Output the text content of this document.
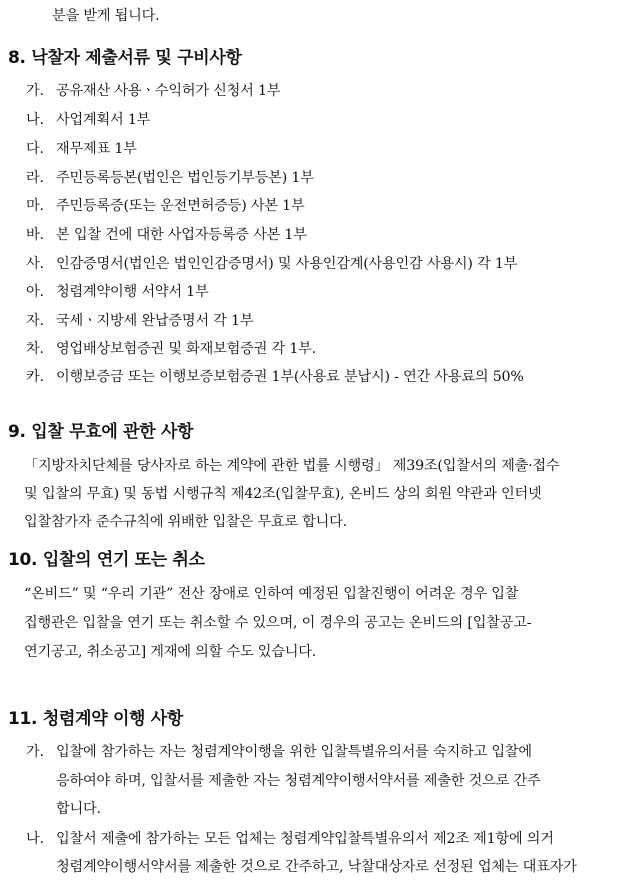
분을 받게 됩니다.
8. 낙찰자 제출서류 및 구비사항
가. 공유재산 사용ㆍ수익허가 신청서 1부
나. 사업계획서 1부
다. 재무제표 1부
라. 주민등록등본(법인은 법인등기부등본) 1부
마. 주민등록증(또는 운전면허증등) 사본 1부
바. 본 입찰 건에 대한 사업자등록증 사본 1부
사. 인감증명서(법인은 법인인감증명서) 및 사용인감계(사용인감 사용시) 각 1부
아. 청렴계약이행 서약서 1부
자. 국세ㆍ지방세 완납증명서 각 1부
차. 영업배상보험증권 및 화재보험증권 각 1부.
카. 이행보증금 또는 이행보증보험증권 1부(사용료 분납시) - 연간 사용료의 50%
9. 입찰 무효에 관한 사항
「지방자치단체를 당사자로 하는 계약에 관한 법률 시행령」 제39조(입찰서의 제출·접수
및 입찰의 무효) 및 동법 시행규칙 제42조(입찰무효), 온비드 상의 회원 약관과 인터넷
입찰참가자 준수규칙에 위배한 입찰은 무효로 합니다.
10. 입찰의 연기 또는 취소
“온비드” 및 “우리 기관” 전산 장애로 인하여 예정된 입찰진행이 어려운 경우 입찰
집행관은 입찰을 연기 또는 취소할 수 있으며, 이 경우의 공고는 온비드의 [입찰공고-
연기공고, 취소공고] 게재에 의할 수도 있습니다.
11. 청렴계약 이행 사항
가. 입찰에 참가하는 자는 청렴계약이행을 위한 입찰특별유의서를 숙지하고 입찰에
응하여야 하며, 입찰서를 제출한 자는 청렴계약이행서약서를 제출한 것으로 간주
합니다.
나. 입찰서 제출에 참가하는 모든 업체는 청렴계약입찰특별유의서 제2조 제1항에 의거
청렴계약이행서약서를 제출한 것으로 간주하고, 낙찰대상자로 선정된 업체는 대표자가
